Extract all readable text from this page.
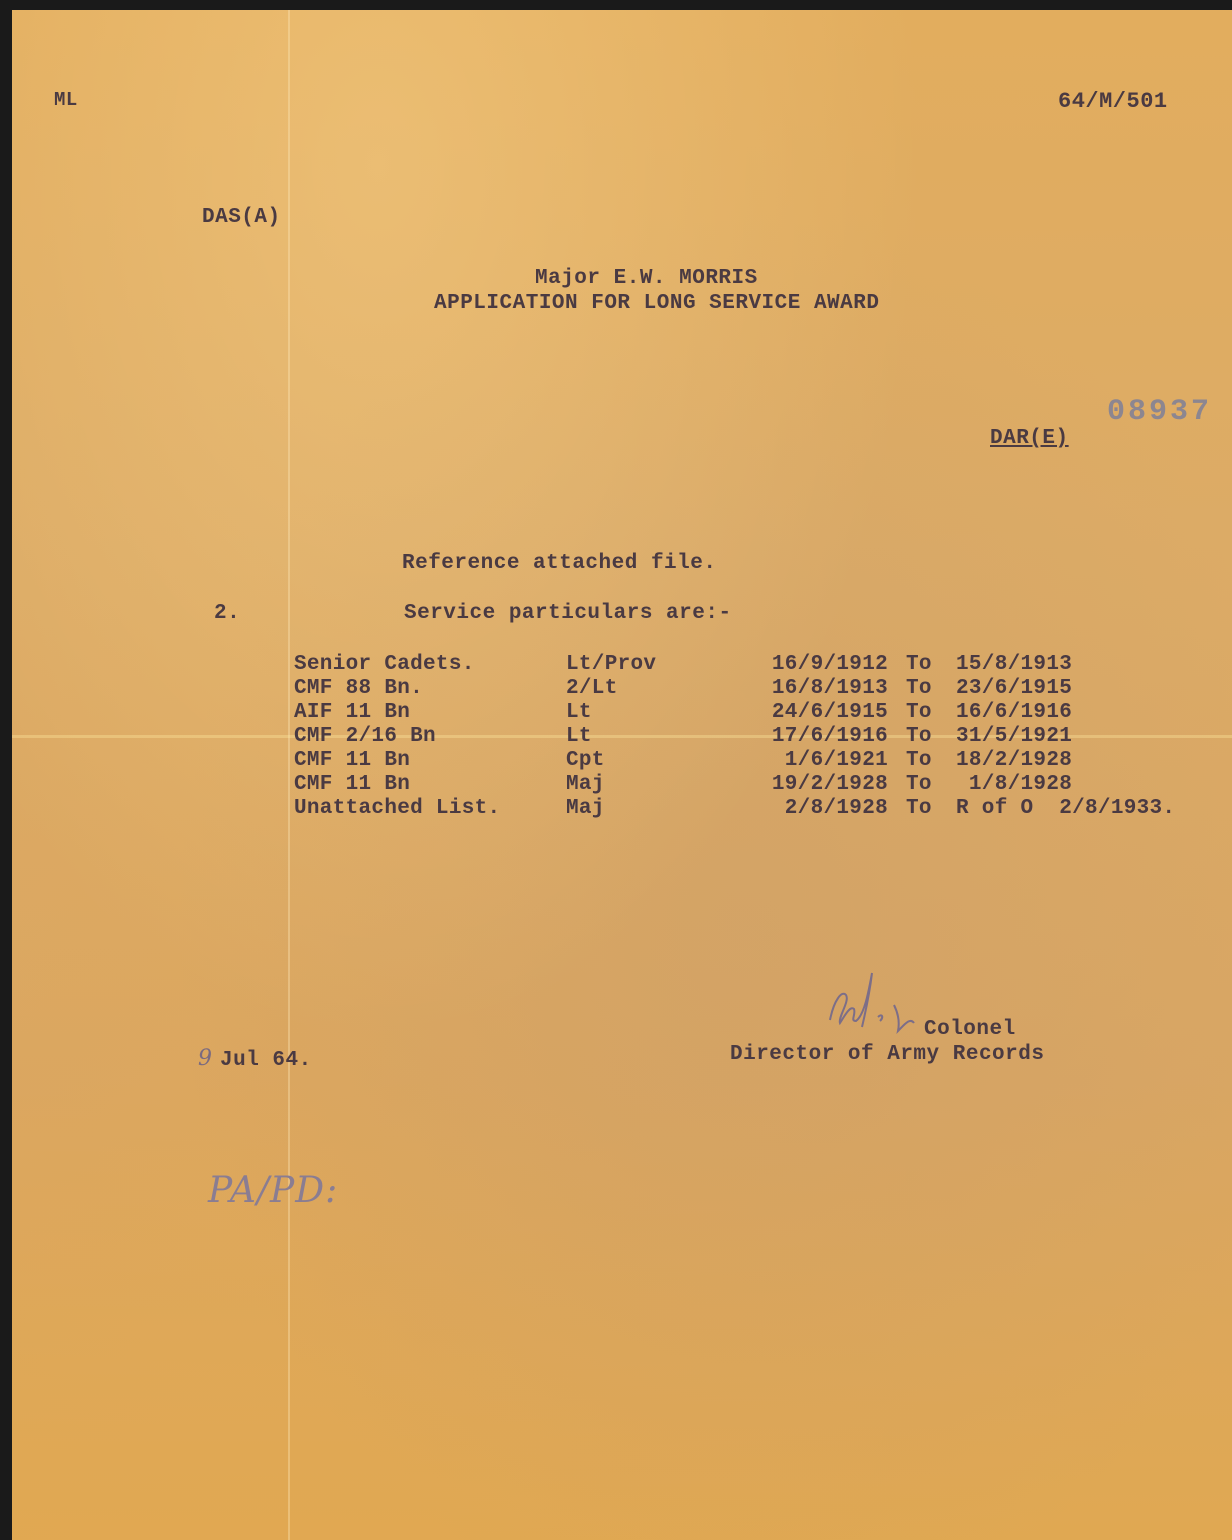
ML	64/M/501
DAS(A)
Major E.W. MORRIS
APPLICATION FOR LONG SERVICE AWARD
08937
DAR(E)
Reference attached file.
2.	Service particulars are:-
Senior Cadets.	Lt/Prov	16/9/1912 To 15/8/1913
CMF 88 Bn.	2/Lt	16/8/1913 To 23/6/1915
AIF 11 Bn	Lt	24/6/1915 To 16/6/1916
CMF 2/16 Bn	Lt	17/6/1916 To 31/5/1921
CMF 11 Bn	Cpt	1/6/1921 To 18/2/1928
CMF 11 Bn	Maj	19/2/1928 To 1/8/1928
Unattached List.	Maj	2/8/1928 To R of O  2/8/1933.
Colonel
Director of Army Records
9 Jul 64.
PA/PD:
